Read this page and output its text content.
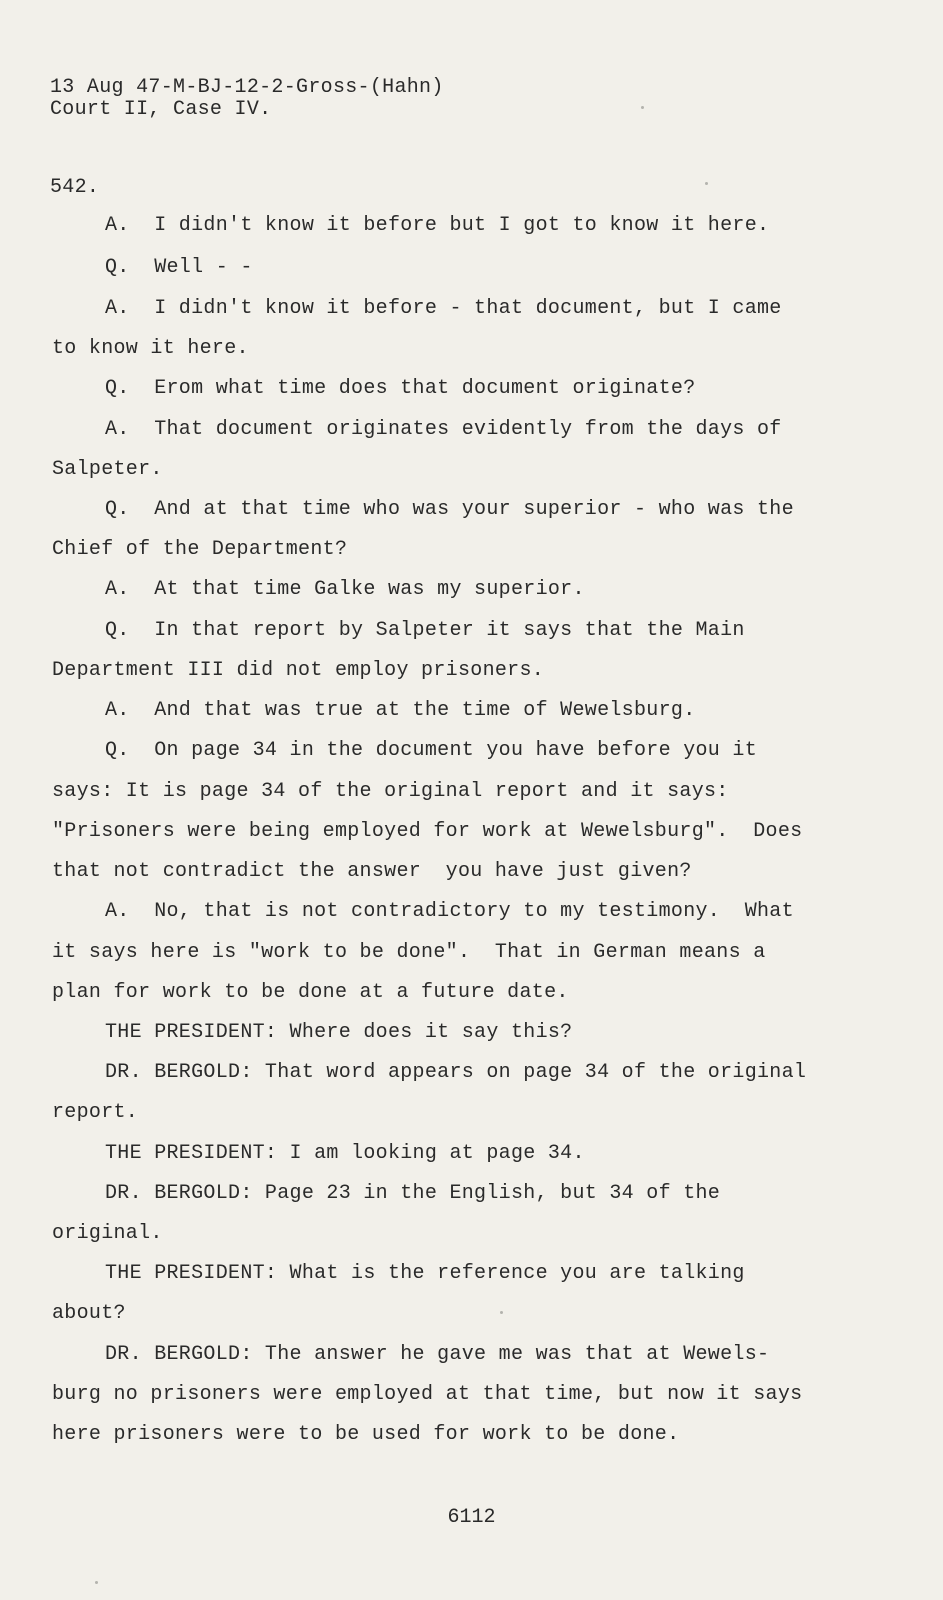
13 Aug 47-M-BJ-12-2-Gross-(Hahn)
Court II, Case IV.
542.
A.  I didn't know it before but I got to know it here.
Q.  Well - -
A.  I didn't know it before - that document, but I came
to know it here.
Q.  Erom what time does that document originate?
A.  That document originates evidently from the days of
Salpeter.
Q.  And at that time who was your superior - who was the
Chief of the Department?
A.  At that time Galke was my superior.
Q.  In that report by Salpeter it says that the Main
Department III did not employ prisoners.
A.  And that was true at the time of Wewelsburg.
Q.  On page 34 in the document you have before you it
says: It is page 34 of the original report and it says:
"Prisoners were being employed for work at Wewelsburg".  Does
that not contradict the answer  you have just given?
A.  No, that is not contradictory to my testimony.  What
it says here is "work to be done".  That in German means a
plan for work to be done at a future date.
THE PRESIDENT: Where does it say this?
DR. BERGOLD: That word appears on page 34 of the original
report.
THE PRESIDENT: I am looking at page 34.
DR. BERGOLD: Page 23 in the English, but 34 of the
original.
THE PRESIDENT: What is the reference you are talking
about?
DR. BERGOLD: The answer he gave me was that at Wewels-
burg no prisoners were employed at that time, but now it says
here prisoners were to be used for work to be done.
6112
